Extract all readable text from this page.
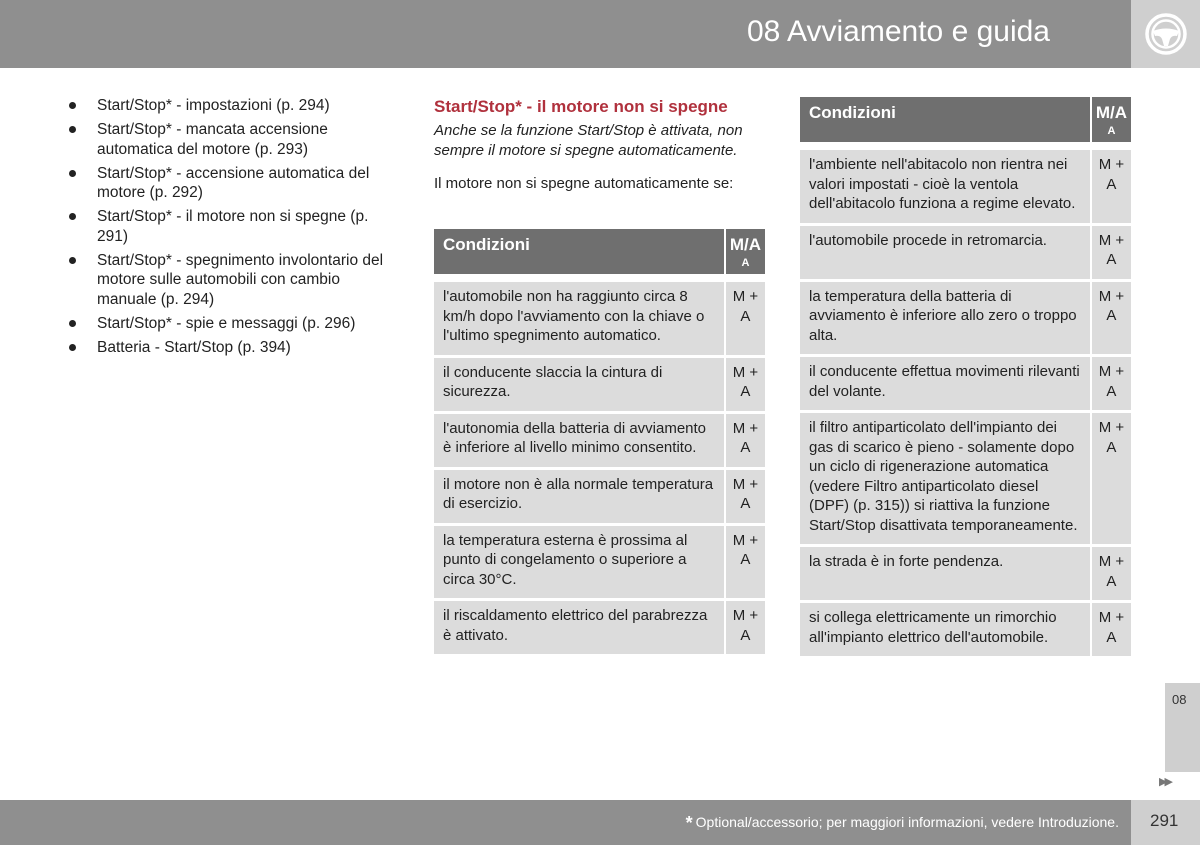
08 Avviamento e guida
Start/Stop* - impostazioni (p. 294)
Start/Stop* - mancata accensione automatica del motore (p. 293)
Start/Stop* - accensione automatica del motore (p. 292)
Start/Stop* - il motore non si spegne (p. 291)
Start/Stop* - spegnimento involontario del motore sulle automobili con cambio manuale (p. 294)
Start/Stop* - spie e messaggi (p. 296)
Batteria - Start/Stop (p. 394)
Start/Stop* - il motore non si spegne
Anche se la funzione Start/Stop è attivata, non sempre il motore si spegne automaticamente.
Il motore non si spegne automaticamente se:
Condizioni	M/A
A

l'automobile non ha raggiunto circa 8 km/h dopo l'avviamento con la chiave o l'ultimo spegnimento automatico.	M +
A

il conducente slaccia la cintura di sicurezza.	M +
A

l'autonomia della batteria di avviamento è inferiore al livello minimo consentito.	M +
A

il motore non è alla normale temperatura di esercizio.	M +
A

la temperatura esterna è prossima al punto di congelamento o superiore a circa 30°C.	M +
A

il riscaldamento elettrico del parabrezza è attivato.	M +
A
Condizioni	M/A
A

l'ambiente nell'abitacolo non rientra nei valori impostati - cioè la ventola dell'abitacolo funziona a regime elevato.	M +
A

l'automobile procede in retromarcia.	M +
A

la temperatura della batteria di avviamento è inferiore allo zero o troppo alta.	M +
A

il conducente effettua movimenti rilevanti del volante.	M +
A

il filtro antiparticolato dell'impianto dei gas di scarico è pieno - solamente dopo un ciclo di rigenerazione automatica (vedere Filtro antiparticolato diesel (DPF) (p. 315)) si riattiva la funzione Start/Stop disattivata temporaneamente.	M +
A

la strada è in forte pendenza.	M +
A

si collega elettricamente un rimorchio all'impianto elettrico dell'automobile.	M +
A
08
▶▶
* Optional/accessorio; per maggiori informazioni, vedere Introduzione. 291
